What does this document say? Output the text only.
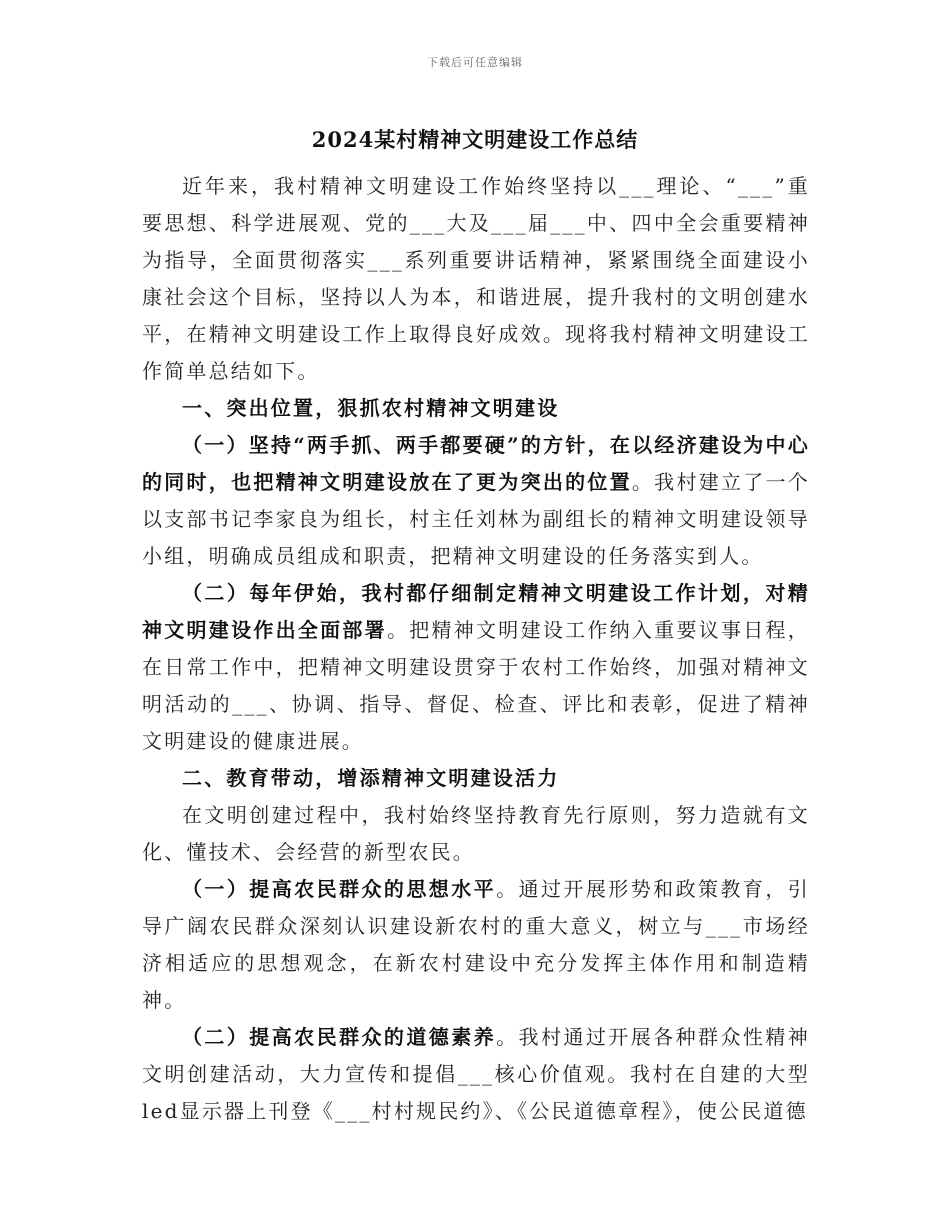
下载后可任意编辑
2024某村精神文明建设工作总结

近年来，我村精神文明建设工作始终坚持以___理论、“___”重要思想、科学进展观、党的___大及___届___中、四中全会重要精神为指导，全面贯彻落实___系列重要讲话精神，紧紧围绕全面建设小康社会这个目标，坚持以人为本，和谐进展，提升我村的文明创建水平，在精神文明建设工作上取得良好成效。现将我村精神文明建设工作简单总结如下。

一、突出位置，狠抓农村精神文明建设

（一）坚持“两手抓、两手都要硬”的方针，在以经济建设为中心的同时，也把精神文明建设放在了更为突出的位置。我村建立了一个以支部书记李家良为组长，村主任刘林为副组长的精神文明建设领导小组，明确成员组成和职责，把精神文明建设的任务落实到人。

（二）每年伊始，我村都仔细制定精神文明建设工作计划，对精神文明建设作出全面部署。把精神文明建设工作纳入重要议事日程，在日常工作中，把精神文明建设贯穿于农村工作始终，加强对精神文明活动的___、协调、指导、督促、检查、评比和表彰，促进了精神文明建设的健康进展。

二、教育带动，增添精神文明建设活力

在文明创建过程中，我村始终坚持教育先行原则，努力造就有文化、懂技术、会经营的新型农民。

（一）提高农民群众的思想水平。通过开展形势和政策教育，引导广阔农民群众深刻认识建设新农村的重大意义，树立与___市场经济相适应的思想观念，在新农村建设中充分发挥主体作用和制造精神。

（二）提高农民群众的道德素养。我村通过开展各种群众性精神文明创建活动，大力宣传和提倡___核心价值观。我村在自建的大型led显示器上刊登《___村村规民约》、《公民道德章程》，使公民道德
